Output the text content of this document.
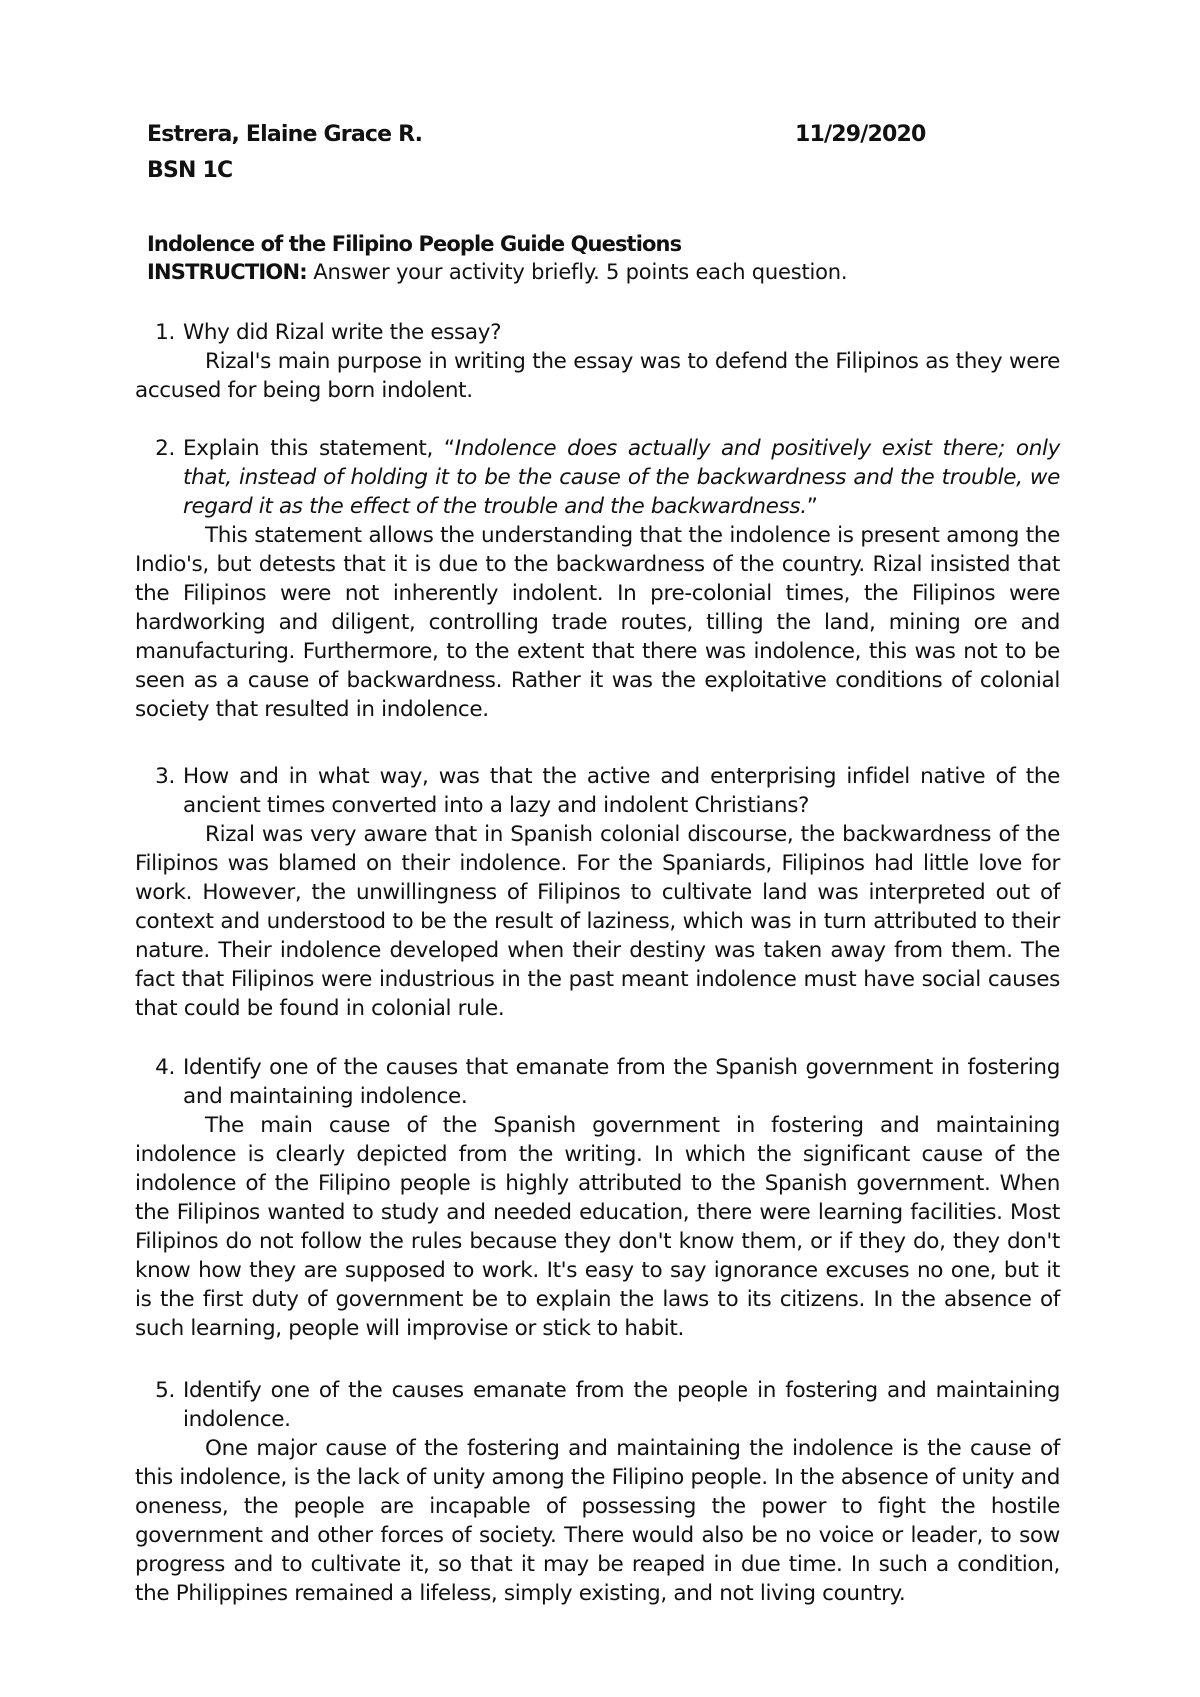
Estrera, Elaine Grace R.	11/29/2020
BSN 1C
Indolence of the Filipino People Guide Questions
INSTRUCTION: Answer your activity briefly. 5 points each question.
1. Why did Rizal write the essay?
Rizal's main purpose in writing the essay was to defend the Filipinos as they were accused for being born indolent.
2. Explain this statement, “Indolence does actually and positively exist there; only that, instead of holding it to be the cause of the backwardness and the trouble, we regard it as the effect of the trouble and the backwardness.”
This statement allows the understanding that the indolence is present among the Indio's, but detests that it is due to the backwardness of the country. Rizal insisted that the Filipinos were not inherently indolent. In pre-colonial times, the Filipinos were hardworking and diligent, controlling trade routes, tilling the land, mining ore and manufacturing. Furthermore, to the extent that there was indolence, this was not to be seen as a cause of backwardness. Rather it was the exploitative conditions of colonial society that resulted in indolence.
3. How and in what way, was that the active and enterprising infidel native of the ancient times converted into a lazy and indolent Christians?
Rizal was very aware that in Spanish colonial discourse, the backwardness of the Filipinos was blamed on their indolence. For the Spaniards, Filipinos had little love for work. However, the unwillingness of Filipinos to cultivate land was interpreted out of context and understood to be the result of laziness, which was in turn attributed to their nature. Their indolence developed when their destiny was taken away from them. The fact that Filipinos were industrious in the past meant indolence must have social causes that could be found in colonial rule.
4. Identify one of the causes that emanate from the Spanish government in fostering and maintaining indolence.
The main cause of the Spanish government in fostering and maintaining indolence is clearly depicted from the writing. In which the significant cause of the indolence of the Filipino people is highly attributed to the Spanish government. When the Filipinos wanted to study and needed education, there were learning facilities. Most Filipinos do not follow the rules because they don't know them, or if they do, they don't know how they are supposed to work. It's easy to say ignorance excuses no one, but it is the first duty of government be to explain the laws to its citizens. In the absence of such learning, people will improvise or stick to habit.
5. Identify one of the causes emanate from the people in fostering and maintaining indolence.
One major cause of the fostering and maintaining the indolence is the cause of this indolence, is the lack of unity among the Filipino people. In the absence of unity and oneness, the people are incapable of possessing the power to fight the hostile government and other forces of society. There would also be no voice or leader, to sow progress and to cultivate it, so that it may be reaped in due time. In such a condition, the Philippines remained a lifeless, simply existing, and not living country.
